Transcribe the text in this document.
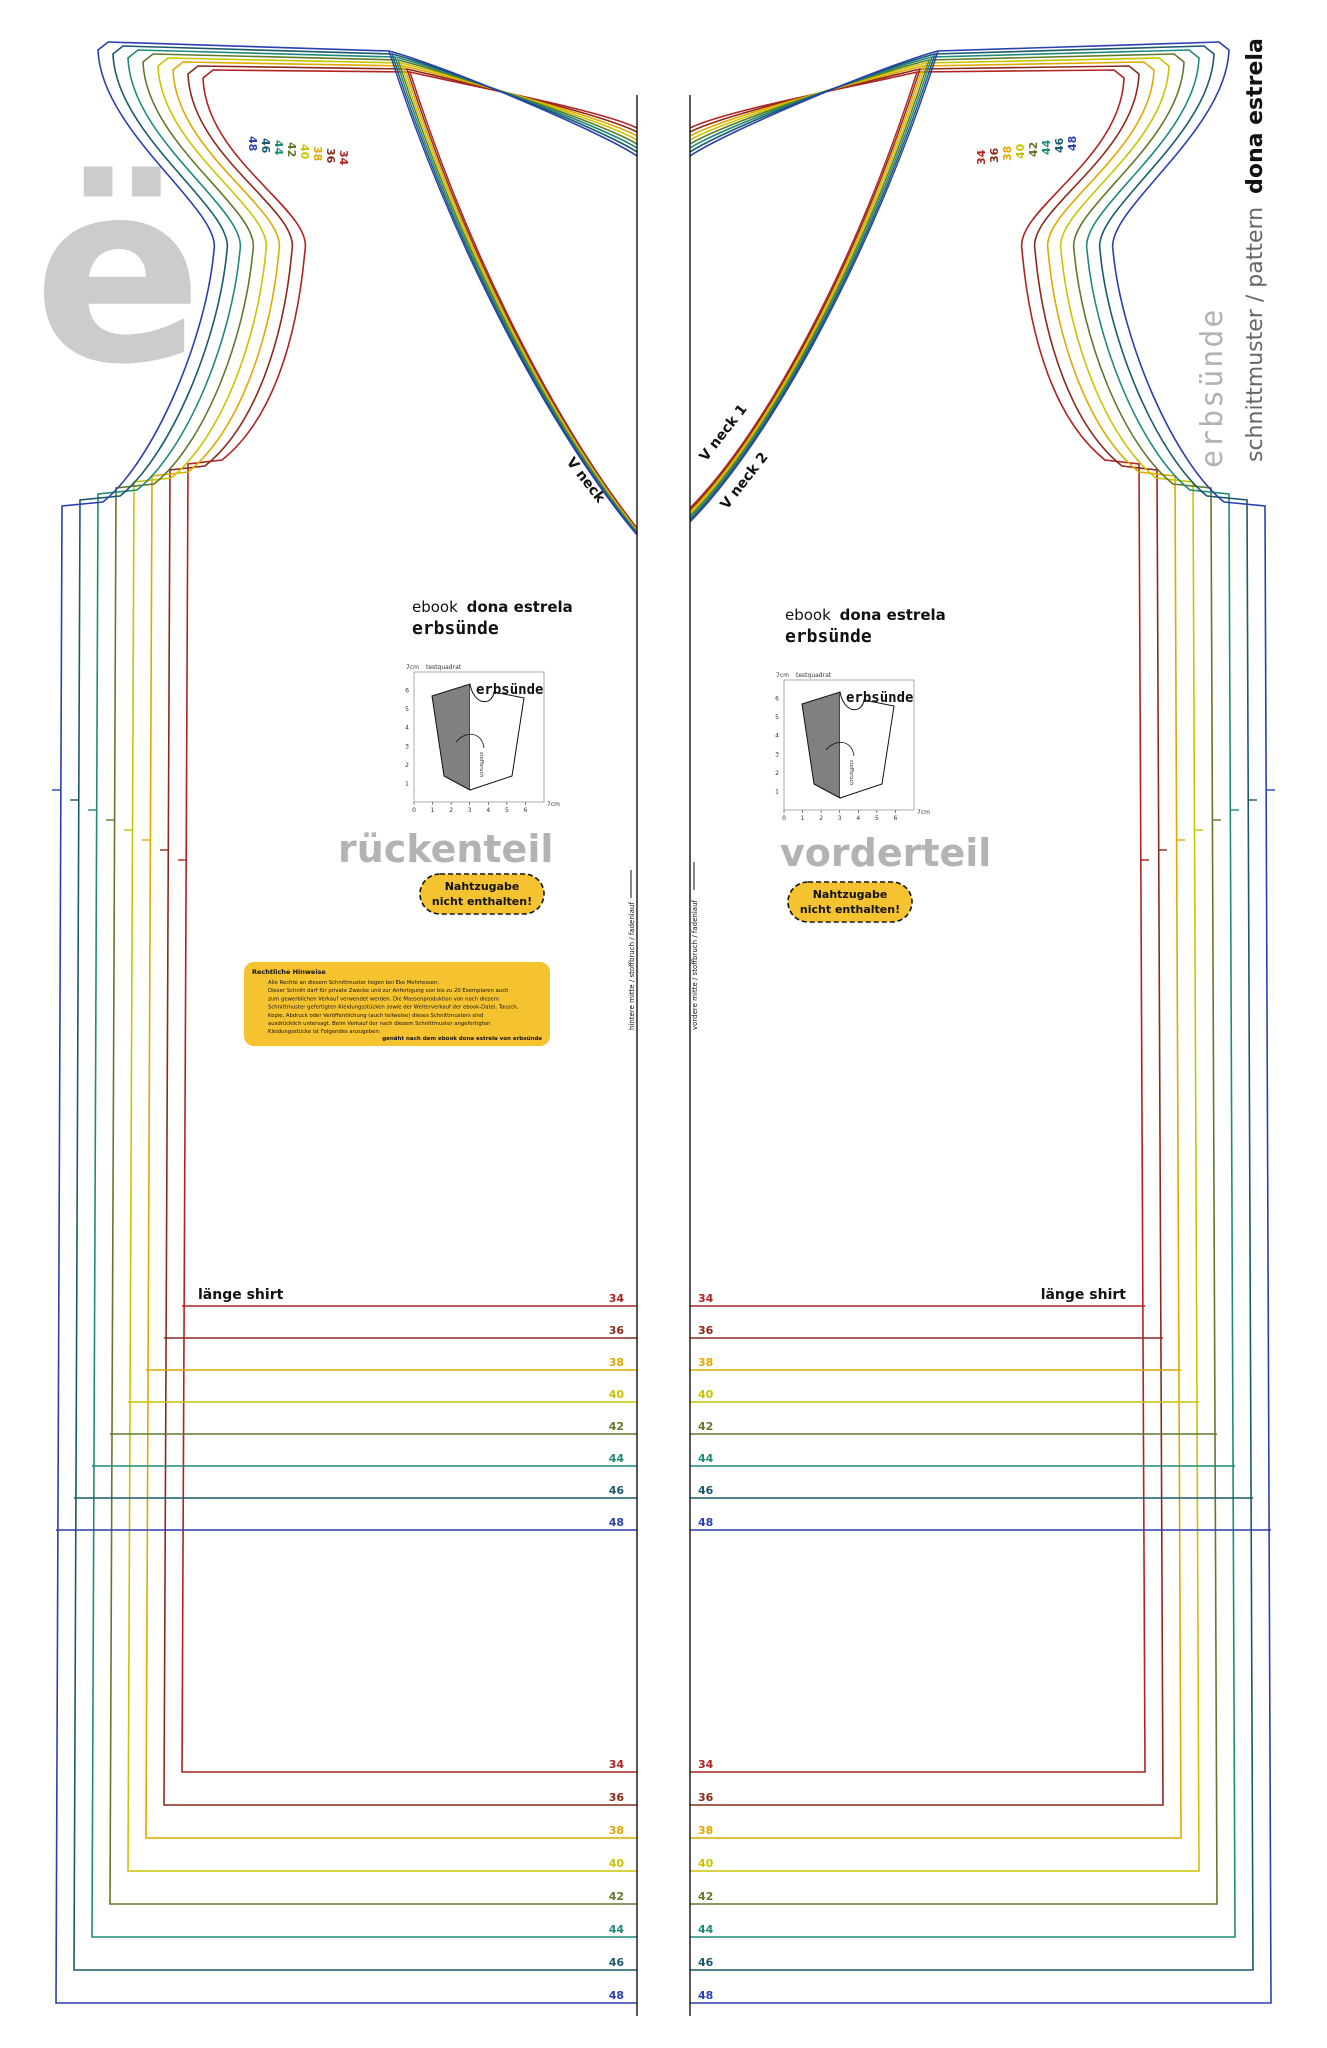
ë
34	34
34	34
34	34
36	36
36	36
36	36
38	38
38	38
38	38
40	40
40	40
40	40
42	42
42	42
42	42
44	44
44	44
44	44
46	46
46	46
46	46
48	48
48	48
48	48
hintere mitte / stoffbruch / fadenlauf	vordere mitte / stoffbruch / fadenlauf
V neck
V neck 1
V neck 2
ebook dona estrela
erbsünde
0 1
1
2
2
3
3
4
4
5
5
6
6
7cm
7cm
testquadrat
stoffbruch
erbsünde
rückenteil
Nahtzugabe
nicht enthalten!
Rechtliche Hinweise
Alle Rechte an diesem Schnittmuster liegen bei Eko Mehrtessen.
Dieser Schnitt darf für private Zwecke und zur Anfertigung von bis zu 20 Exemplaren auch
zum gewerblichen Verkauf verwendet werden. Die Massenproduktion von nach diesem
Schnittmuster gefertigten Kleidungsstücken sowie der Weiterverkauf der ebook-Datei, Tausch,
Kopie, Abdruck oder Veröffentlichung (auch teilweise) dieses Schnittmusters sind
ausdrücklich untersagt. Beim Verkauf der nach diesem Schnittmuster angefertigten
Kleidungsstücke ist Folgendes anzugeben:
genäht nach dem ebook dona estrela von erbsünde
ebook dona estrela
erbsünde
0 1
1
2
2
3
3
4
4
5
5
6
6
7cm
7cm
testquadrat
stoffbruch
erbsünde
vorderteil
Nahtzugabe
nicht enthalten!
länge shirt	länge shirt
erbsünde schnittmuster / pattern dona estrela
